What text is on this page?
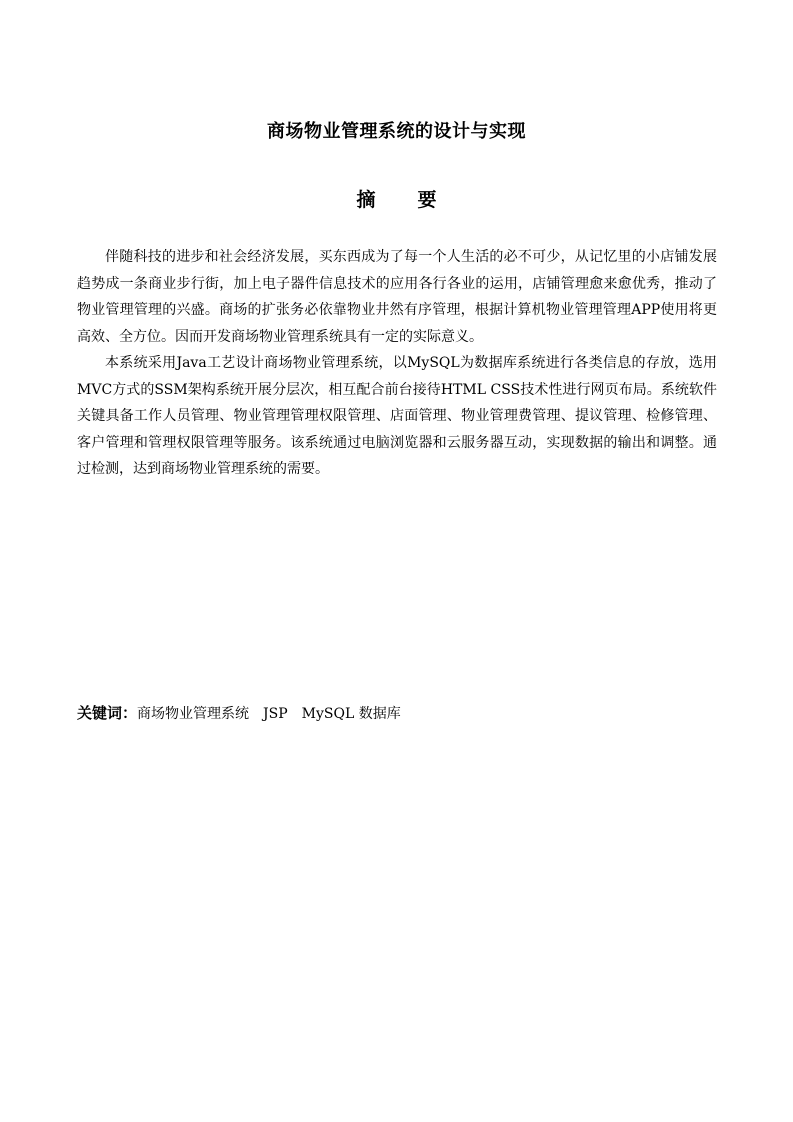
商场物业管理系统的设计与实现
摘要

伴随科技的进步和社会经济发展，买东西成为了每一个人生活的必不可少，从记忆里的小店铺发展趋势成一条商业步行街，加上电子器件信息技术的应用各行各业的运用，店铺管理愈来愈优秀，推动了物业管理管理的兴盛。商场的扩张务必依靠物业井然有序管理，根据计算机物业管理管理APP使用将更高效、全方位。因而开发商场物业管理系统具有一定的实际意义。

本系统采用Java工艺设计商场物业管理系统，以MySQL为数据库系统进行各类信息的存放，选用MVC方式的SSM架构系统开展分层次，相互配合前台接待HTML CSS技术性进行网页布局。系统软件关键具备工作人员管理、物业管理管理权限管理、店面管理、物业管理费管理、提议管理、检修管理、客户管理和管理权限管理等服务。该系统通过电脑浏览器和云服务器互动，实现数据的输出和调整。通过检测，达到商场物业管理系统的需要。

关键词：商场物业管理系统 JSP MySQL 数据库
